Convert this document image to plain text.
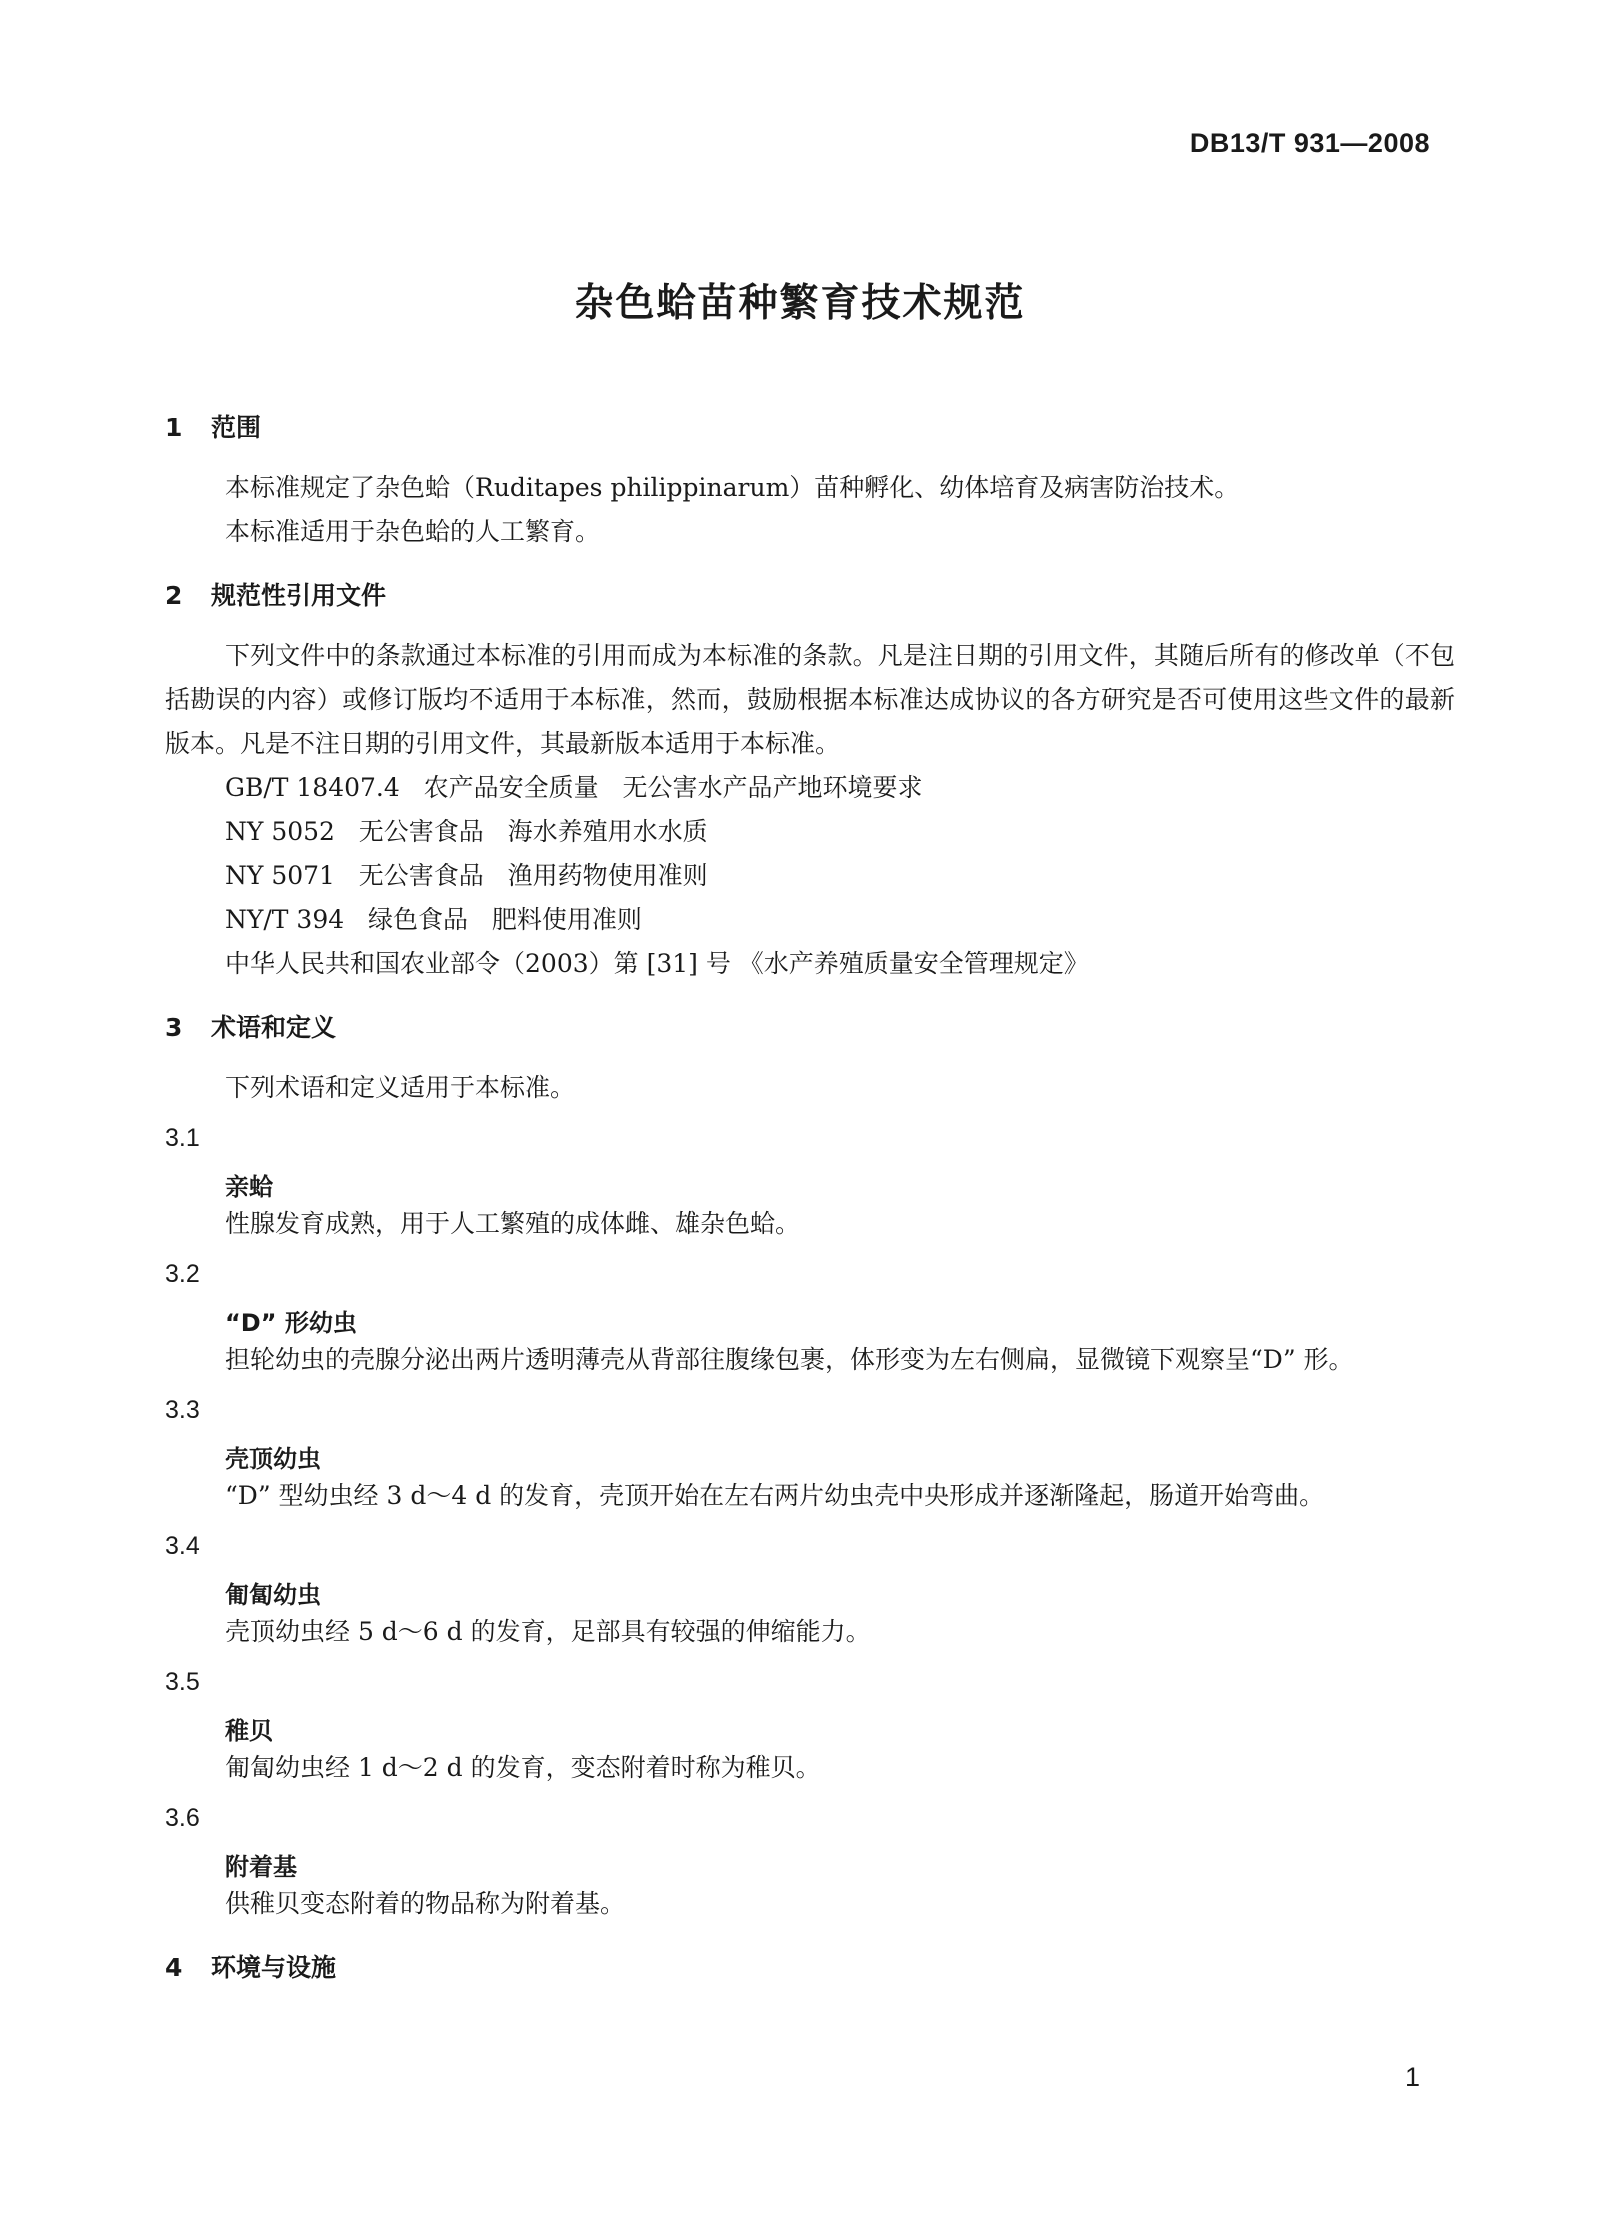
DB13/T 931—2008
杂色蛤苗种繁育技术规范
1 范围

本标准规定了杂色蛤（Ruditapes philippinarum）苗种孵化、幼体培育及病害防治技术。

本标准适用于杂色蛤的人工繁育。

2 规范性引用文件

下列文件中的条款通过本标准的引用而成为本标准的条款。凡是注日期的引用文件，其随后所有的修改单（不包括勘误的内容）或修订版均不适用于本标准，然而，鼓励根据本标准达成协议的各方研究是否可使用这些文件的最新版本。凡是不注日期的引用文件，其最新版本适用于本标准。

GB/T 18407.4   农产品安全质量   无公害水产品产地环境要求

NY 5052   无公害食品   海水养殖用水水质

NY 5071   无公害食品   渔用药物使用准则

NY/T 394   绿色食品   肥料使用准则

中华人民共和国农业部令（2003）第 [31] 号 《水产养殖质量安全管理规定》

3 术语和定义

下列术语和定义适用于本标准。

3.1
亲蛤

性腺发育成熟，用于人工繁殖的成体雌、雄杂色蛤。

3.2
“D” 形幼虫

担轮幼虫的壳腺分泌出两片透明薄壳从背部往腹缘包裹，体形变为左右侧扁，显微镜下观察呈“D” 形。

3.3
壳顶幼虫

“D” 型幼虫经 3 d～4 d 的发育，壳顶开始在左右两片幼虫壳中央形成并逐渐隆起，肠道开始弯曲。

3.4
匍匐幼虫

壳顶幼虫经 5 d～6 d 的发育，足部具有较强的伸缩能力。

3.5
稚贝

匍匐幼虫经 1 d～2 d 的发育，变态附着时称为稚贝。

3.6
附着基

供稚贝变态附着的物品称为附着基。

4 环境与设施
1
